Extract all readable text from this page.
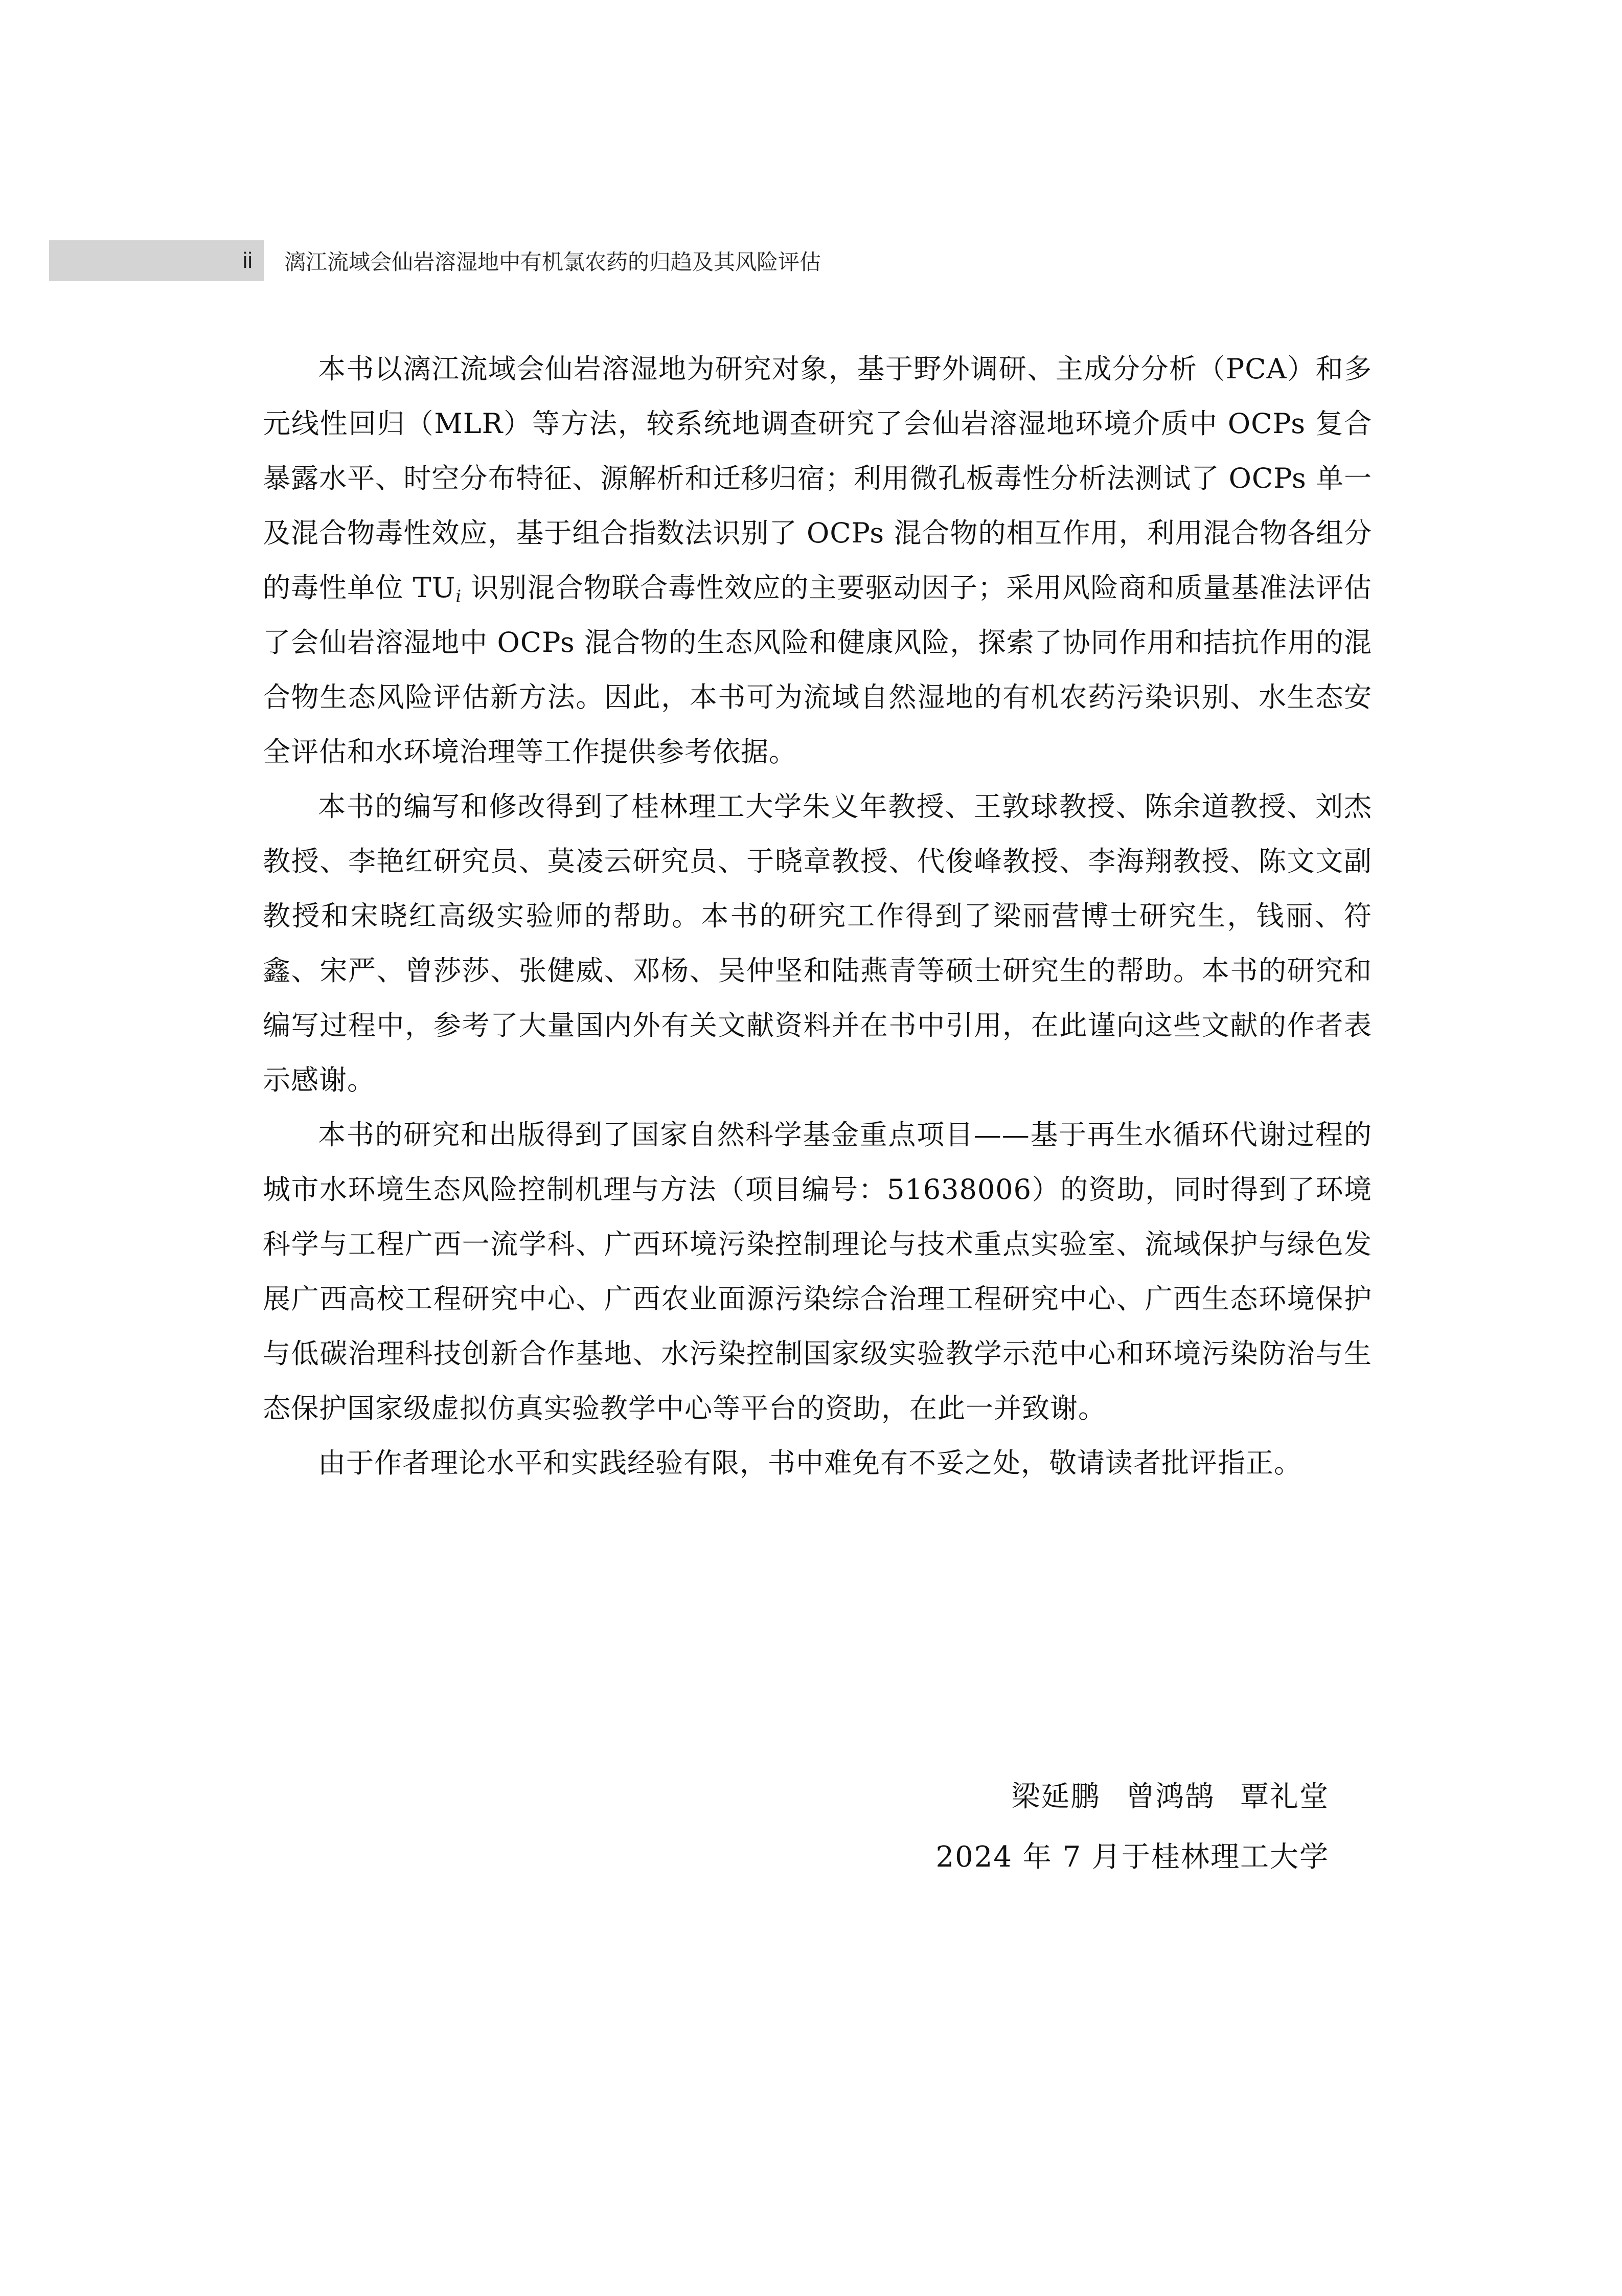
ii 漓江流域会仙岩溶湿地中有机氯农药的归趋及其风险评估

本书以漓江流域会仙岩溶湿地为研究对象，基于野外调研、主成分分析（PCA）和多元线性回归（MLR）等方法，较系统地调查研究了会仙岩溶湿地环境介质中 OCPs 复合暴露水平、时空分布特征、源解析和迁移归宿；利用微孔板毒性分析法测试了 OCPs 单一及混合物毒性效应，基于组合指数法识别了 OCPs 混合物的相互作用，利用混合物各组分的毒性单位 $TU_i$ 识别混合物联合毒性效应的主要驱动因子；采用风险商和质量基准法评估了会仙岩溶湿地中 OCPs 混合物的生态风险和健康风险，探索了协同作用和拮抗作用的混合物生态风险评估新方法。因此，本书可为流域自然湿地的有机农药污染识别、水生态安全评估和水环境治理等工作提供参考依据。

本书的编写和修改得到了桂林理工大学朱义年教授、王敦球教授、陈余道教授、刘杰教授、李艳红研究员、莫凌云研究员、于晓章教授、代俊峰教授、李海翔教授、陈文文副教授和宋晓红高级实验师的帮助。本书的研究工作得到了梁丽营博士研究生，钱丽、符鑫、宋严、曾莎莎、张健威、邓杨、吴仲坚和陆燕青等硕士研究生的帮助。本书的研究和编写过程中，参考了大量国内外有关文献资料并在书中引用，在此谨向这些文献的作者表示感谢。

本书的研究和出版得到了国家自然科学基金重点项目——基于再生水循环代谢过程的城市水环境生态风险控制机理与方法（项目编号：51638006）的资助，同时得到了环境科学与工程广西一流学科、广西环境污染控制理论与技术重点实验室、流域保护与绿色发展广西高校工程研究中心、广西农业面源污染综合治理工程研究中心、广西生态环境保护与低碳治理科技创新合作基地、水污染控制国家级实验教学示范中心和环境污染防治与生态保护国家级虚拟仿真实验教学中心等平台的资助，在此一并致谢。

由于作者理论水平和实践经验有限，书中难免有不妥之处，敬请读者批评指正。

梁延鹏 曾鸿鹄 覃礼堂
2024 年 7 月于桂林理工大学
